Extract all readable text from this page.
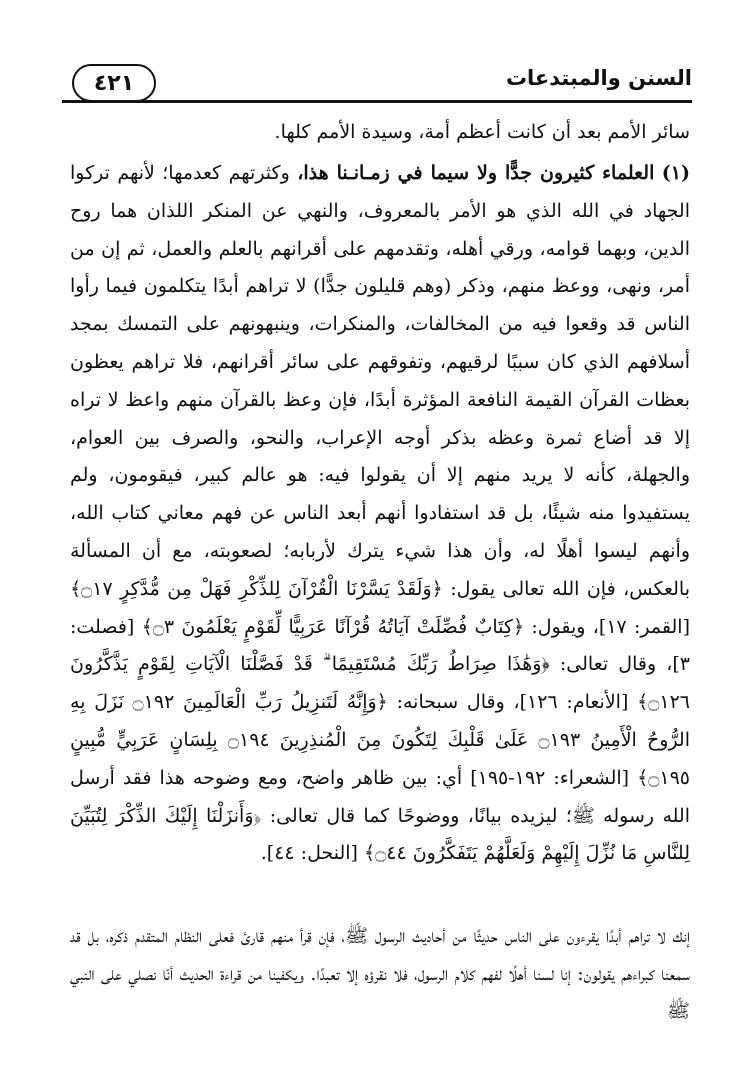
السنن والمبتدعات
٤٢١

سائر الأمم بعد أن كانت أعظم أمة، وسيدة الأمم كلها.

(١) العلماء كثيرون جدًّا ولا سيما في زمـانـنا هذا، وكثرتهم كعدمها؛ لأنهم تركوا الجهاد في الله الذي هو الأمر بالمعروف، والنهي عن المنكر اللذان هما روح الدين، وبهما قوامه، ورقي أهله، وتقدمهم على أقرانهم بالعلم والعمل، ثم إن من أمر، ونهى، ووعظ منهم، وذكر (وهم قليلون جدًّا) لا تراهم أبدًا يتكلمون فيما رأوا الناس قد وقعوا فيه من المخالفات، والمنكرات، وينبهونهم على التمسك بمجد أسلافهم الذي كان سببًا لرقيهم، وتفوقهم على سائر أقرانهم، فلا تراهم يعظون بعظات القرآن القيمة النافعة المؤثرة أبدًا، فإن وعظ بالقرآن منهم واعظ لا تراه إلا قد أضاع ثمرة وعظه بذكر أوجه الإعراب، والنحو، والصرف بين العوام، والجهلة، كأنه لا يريد منهم إلا أن يقولوا فيه: هو عالم كبير، فيقومون، ولم يستفيدوا منه شيئًا، بل قد استفادوا أنهم أبعد الناس عن فهم معاني كتاب الله، وأنهم ليسوا أهلًا له، وأن هذا شيء يترك لأربابه؛ لصعوبته، مع أن المسألة بالعكس، فإن الله تعالى يقول: ﴿وَلَقَدْ يَسَّرْنَا الْقُرْآنَ لِلذِّكْرِ فَهَلْ مِن مُّدَّكِرٍ ۝١٧﴾ [القمر: ١٧]، ويقول: ﴿كِتَابٌ فُصِّلَتْ آيَاتُهُ قُرْآنًا عَرَبِيًّا لِّقَوْمٍ يَعْلَمُونَ ۝٣﴾ [فصلت: ٣]، وقال تعالى: ﴿وَهَٰذَا صِرَاطُ رَبِّكَ مُسْتَقِيمًا ۗ قَدْ فَصَّلْنَا الْآيَاتِ لِقَوْمٍ يَذَّكَّرُونَ ۝١٢٦﴾ [الأنعام: ١٢٦]، وقال سبحانه: ﴿وَإِنَّهُ لَتَنزِيلُ رَبِّ الْعَالَمِينَ ۝١٩٢ نَزَلَ بِهِ الرُّوحُ الْأَمِينُ ۝١٩٣ عَلَىٰ قَلْبِكَ لِتَكُونَ مِنَ الْمُنذِرِينَ ۝١٩٤ بِلِسَانٍ عَرَبِيٍّ مُّبِينٍ ۝١٩٥﴾ [الشعراء: ١٩٢-١٩٥] أي: بين ظاهر واضح، ومع وضوحه هذا فقد أرسل الله رسوله ﷺ؛ ليزيده بيانًا، ووضوحًا كما قال تعالى: ﴿وَأَنزَلْنَا إِلَيْكَ الذِّكْرَ لِتُبَيِّنَ لِلنَّاسِ مَا نُزِّلَ إِلَيْهِمْ وَلَعَلَّهُمْ يَتَفَكَّرُونَ ۝٤٤﴾ [النحل: ٤٤].
إنك لا تراهم أبدًا يقرءون على الناس حديثًا من أحاديث الرسول ﷺ، فإن قرأ منهم قارئ فعلى النظام المتقدم ذكره، بل قد سمعنا كبراءهم يقولون: إنا لسنا أهلًا لفهم كلام الرسول، فلا نقرؤه إلا تعبدًا. ويكفينا من قراءة الحديث أنّا نصلي على النبي ﷺ
